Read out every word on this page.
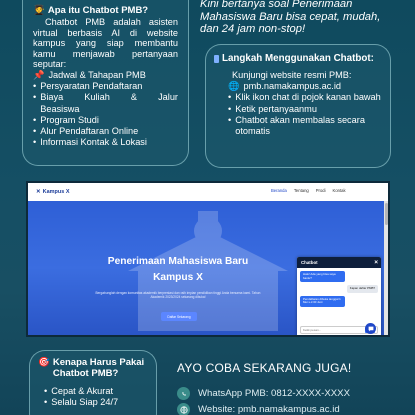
🧑‍🎓 Apa itu Chatbot PMB?
Chatbot PMB adalah asisten virtual berbasis AI di website kampus yang siap membantu kamu menjawab pertanyaan seputar:
📌 Jadwal & Tahapan PMB
• Persyaratan Pendaftaran
• Biaya Kuliah & Jalur Beasiswa
• Program Studi
• Alur Pendaftaran Online
• Informasi Kontak & Lokasi
Kini bertanya soal Penerimaan Mahasiswa Baru bisa cepat, mudah, dan 24 jam non-stop!
Langkah Menggunakan Chatbot:
Kunjungi website resmi PMB:
🌐 pmb.namakampus.ac.id
• Klik ikon chat di pojok kanan bawah
• Ketik pertanyaanmu
• Chatbot akan membalas secara otomatis
✕ Kampus X	Beranda Tentang Prodi Kontak
Penerimaan Mahasiswa Baru
Kampus X
Bergabunglah dengan komunitas akademik berprestasi dan raih impian pendidikan tinggi Anda bersama kami. Tahun Akademik 2023/2024 sekarang dibuka!
Daftar Sekarang
Chatbot	×
Halo! Ada yang bisa saya bantu?
Kapan daftar PMB?
Pendaftaran dibuka tanggal 1 Mei s.d 30 Juni
Ketik pesan...
🎯 Kenapa Harus Pakai Chatbot PMB?
• Cepat & Akurat
• Selalu Siap 24/7
AYO COBA SEKARANG JUGA!
WhatsApp PMB: 0812-XXXX-XXXX
Website: pmb.namakampus.ac.id
